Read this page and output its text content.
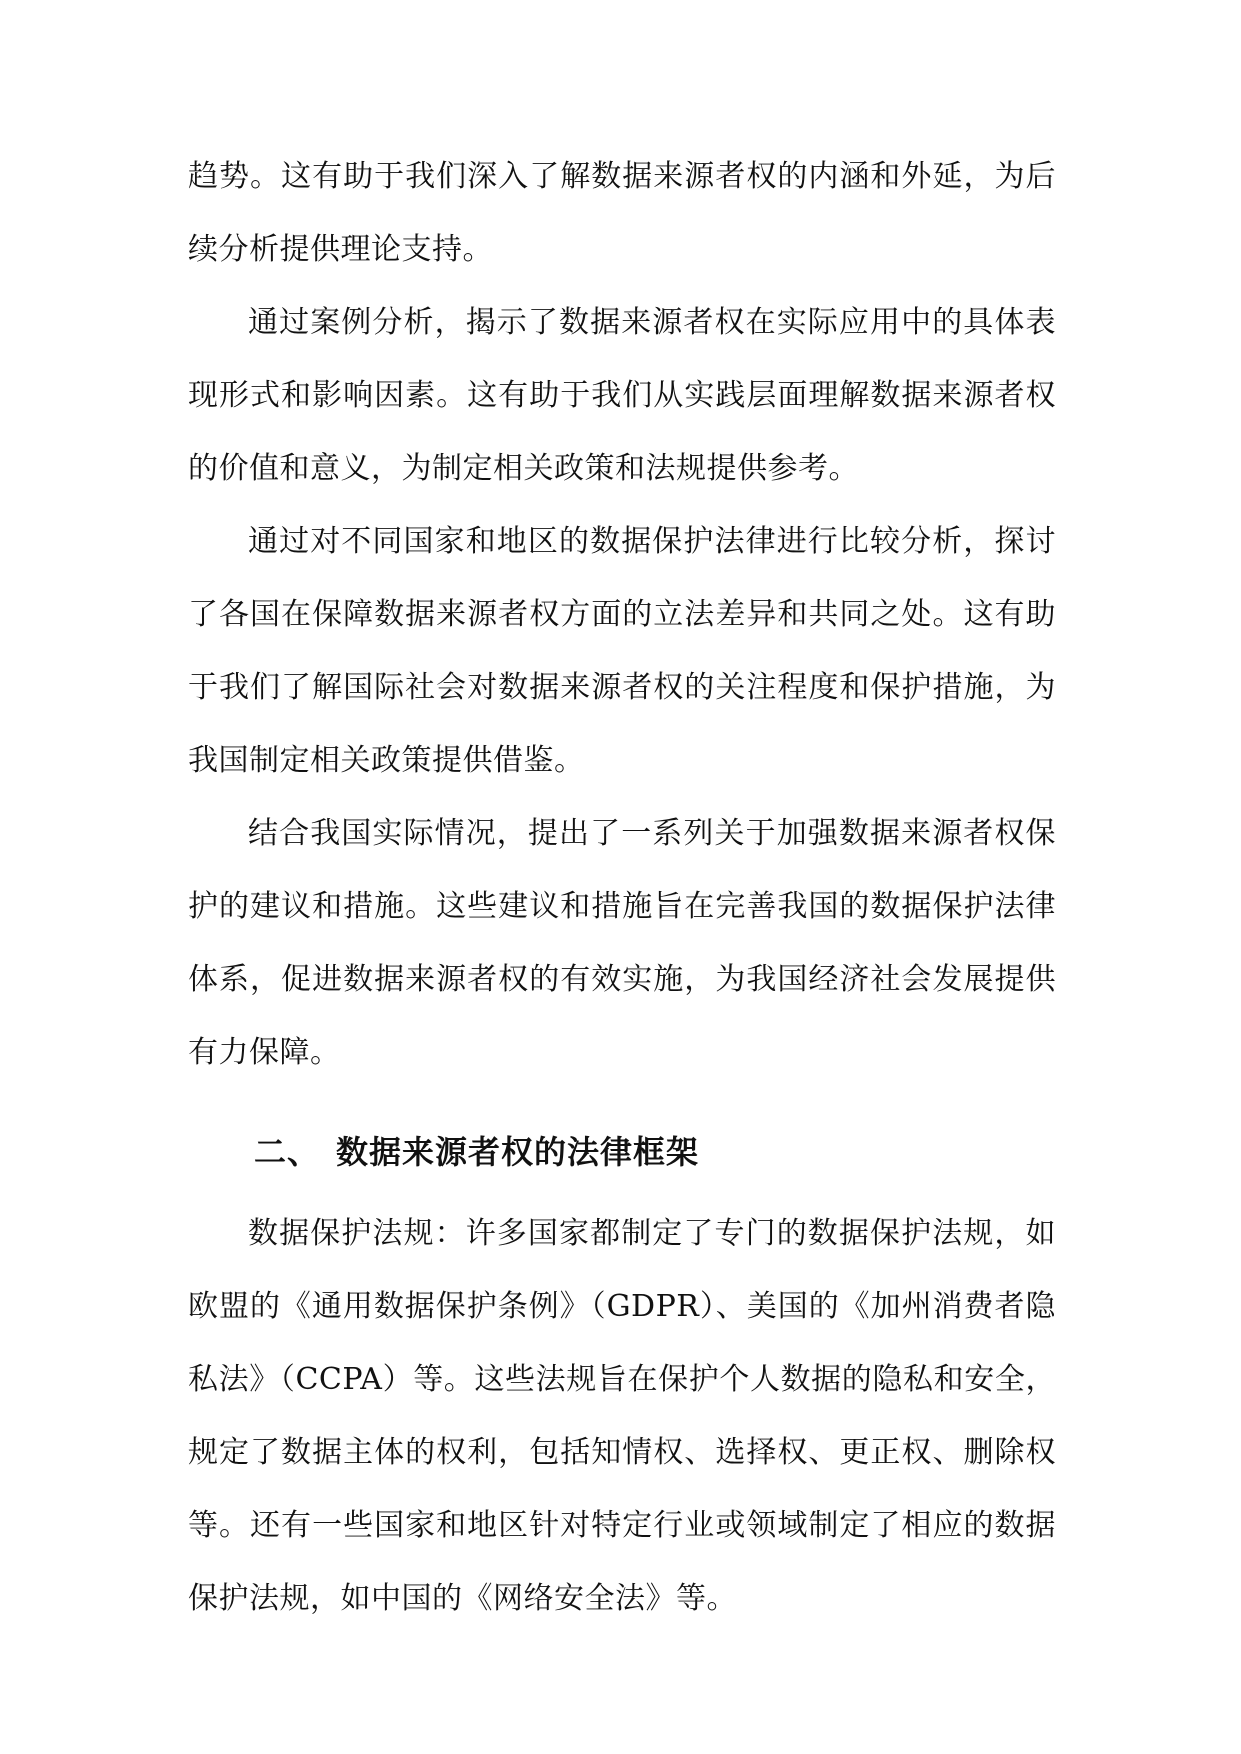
趋势。这有助于我们深入了解数据来源者权的内涵和外延，为后续分析提供理论支持。

通过案例分析，揭示了数据来源者权在实际应用中的具体表现形式和影响因素。这有助于我们从实践层面理解数据来源者权的价值和意义，为制定相关政策和法规提供参考。

通过对不同国家和地区的数据保护法律进行比较分析，探讨了各国在保障数据来源者权方面的立法差异和共同之处。这有助于我们了解国际社会对数据来源者权的关注程度和保护措施，为我国制定相关政策提供借鉴。

结合我国实际情况，提出了一系列关于加强数据来源者权保护的建议和措施。这些建议和措施旨在完善我国的数据保护法律体系，促进数据来源者权的有效实施，为我国经济社会发展提供有力保障。

二、 数据来源者权的法律框架

数据保护法规：许多国家都制定了专门的数据保护法规，如欧盟的《通用数据保护条例》（GDPR）、美国的《加州消费者隐私法》（CCPA）等。这些法规旨在保护个人数据的隐私和安全，规定了数据主体的权利，包括知情权、选择权、更正权、删除权等。还有一些国家和地区针对特定行业或领域制定了相应的数据保护法规，如中国的《网络安全法》等。
